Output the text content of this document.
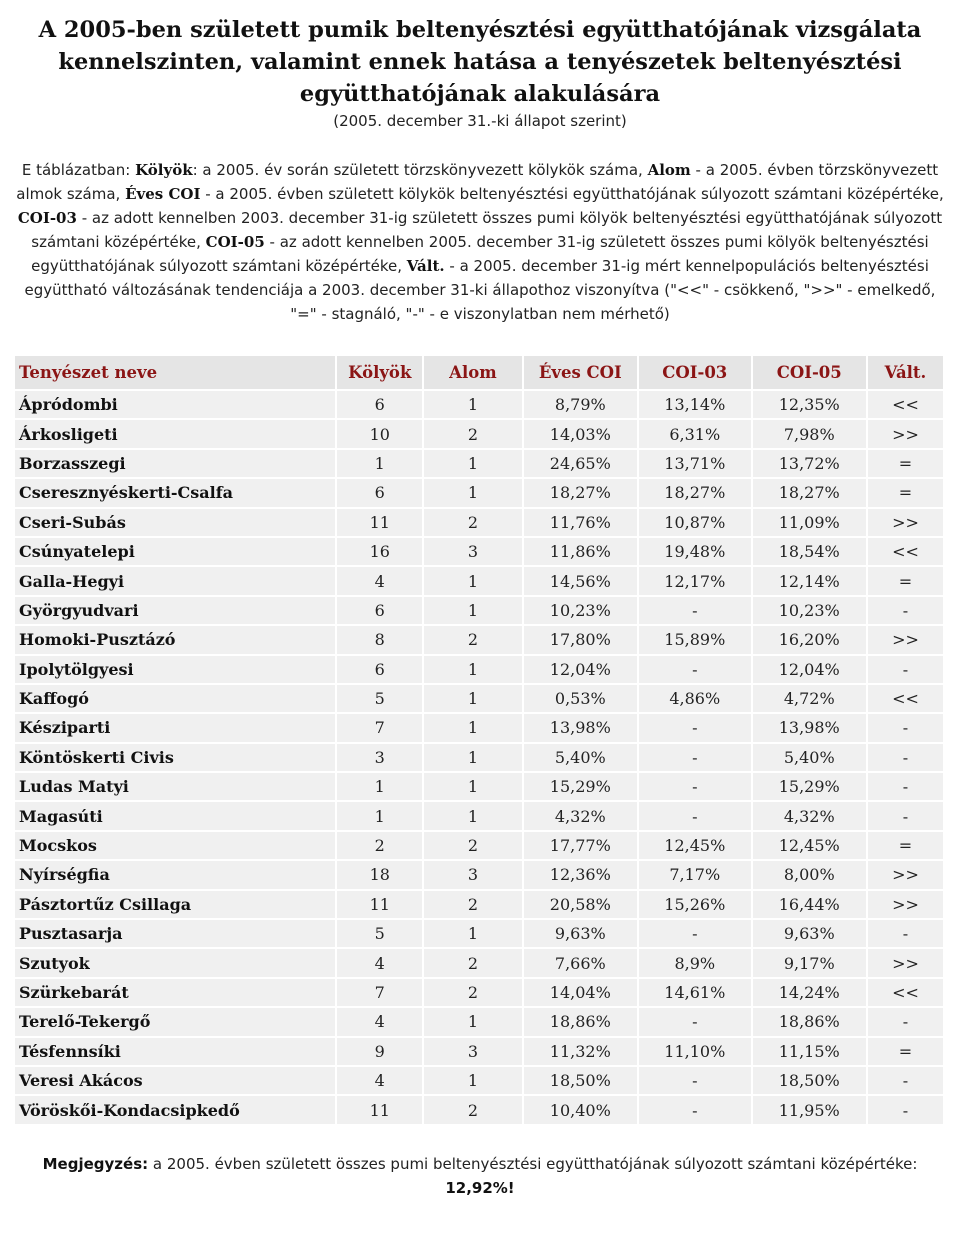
A 2005-ben született pumik beltenyésztési együtthatójának vizsgálata
kennelszinten, valamint ennek hatása a tenyészetek beltenyésztési
együtthatójának alakulására
(2005. december 31.-ki állapot szerint)
E táblázatban: Kölyök: a 2005. év során született törzskönyvezett kölykök száma, Alom - a 2005. évben törzskönyvezett almok száma, Éves COI - a 2005. évben született kölykök beltenyésztési együtthatójának súlyozott számtani középértéke, COI-03 - az adott kennelben 2003. december 31-ig született összes pumi kölyök beltenyésztési együtthatójának súlyozott számtani középértéke, COI-05 - az adott kennelben 2005. december 31-ig született összes pumi kölyök beltenyésztési együtthatójának súlyozott számtani középértéke, Vált. - a 2005. december 31-ig mért kennelpopulációs beltenyésztési együttható változásának tendenciája a 2003. december 31-ki állapothoz viszonyítva ("<<" - csökkenő, ">>" - emelkedő, "=" - stagnáló, "-" - e viszonylatban nem mérhető)
Tenyészet neve	Kölyök	Alom	Éves COI	COI-03	COI-05	Vált.
Ápródombi	6	1	8,79%	13,14%	12,35%	<<
Árkosligeti	10	2	14,03%	6,31%	7,98%	>>
Borzasszegi	1	1	24,65%	13,71%	13,72%	=
Cseresznyéskerti-Csalfa	6	1	18,27%	18,27%	18,27%	=
Cseri-Subás	11	2	11,76%	10,87%	11,09%	>>
Csúnyatelepi	16	3	11,86%	19,48%	18,54%	<<
Galla-Hegyi	4	1	14,56%	12,17%	12,14%	=
Györgyudvari	6	1	10,23%	-	10,23%	-
Homoki-Pusztázó	8	2	17,80%	15,89%	16,20%	>>
Ipolytölgyesi	6	1	12,04%	-	12,04%	-
Kaffogó	5	1	0,53%	4,86%	4,72%	<<
Késziparti	7	1	13,98%	-	13,98%	-
Köntöskerti Civis	3	1	5,40%	-	5,40%	-
Ludas Matyi	1	1	15,29%	-	15,29%	-
Magasúti	1	1	4,32%	-	4,32%	-
Mocskos	2	2	17,77%	12,45%	12,45%	=
Nyírségfia	18	3	12,36%	7,17%	8,00%	>>
Pásztortűz Csillaga	11	2	20,58%	15,26%	16,44%	>>
Pusztasarja	5	1	9,63%	-	9,63%	-
Szutyok	4	2	7,66%	8,9%	9,17%	>>
Szürkebarát	7	2	14,04%	14,61%	14,24%	<<
Terelő-Tekergő	4	1	18,86%	-	18,86%	-
Tésfennsíki	9	3	11,32%	11,10%	11,15%	=
Veresi Akácos	4	1	18,50%	-	18,50%	-
Vöröskői-Kondacsipkedő	11	2	10,40%	-	11,95%	-
Megjegyzés: a 2005. évben született összes pumi beltenyésztési együtthatójának súlyozott számtani középértéke: 12,92%!
